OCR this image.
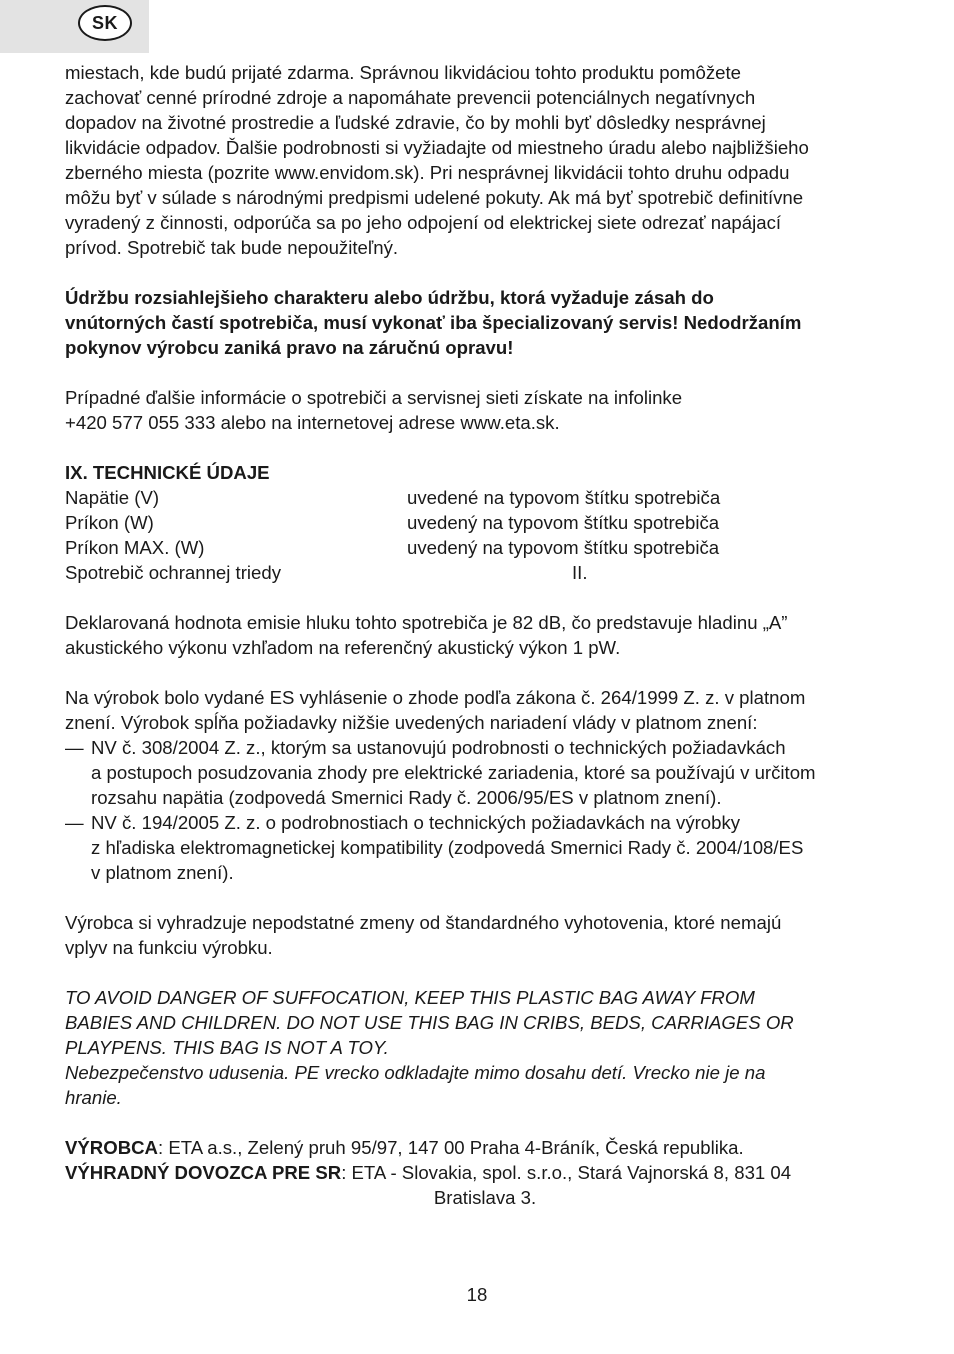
SK

miestach, kde budú prijaté zdarma. Správnou likvidáciou tohto produktu pomôžete

zachovať cenné prírodné zdroje a napomáhate prevencii potenciálnych negatívnych

dopadov na životné prostredie a ľudské zdravie, čo by mohli byť dôsledky nesprávnej

likvidácie odpadov. Ďalšie podrobnosti si vyžiadajte od miestneho úradu alebo najbližšieho

zberného miesta (pozrite www.envidom.sk). Pri nesprávnej likvidácii tohto druhu odpadu

môžu byť v súlade s národnými predpismi udelené pokuty. Ak má byť spotrebič definitívne

vyradený z činnosti, odporúča sa po jeho odpojení od elektrickej siete odrezať napájací

prívod. Spotrebič tak bude nepoužiteľný.

Údržbu rozsiahlejšieho charakteru alebo údržbu, ktorá vyžaduje zásah do

vnútorných častí spotrebiča, musí vykonať iba špecializovaný servis! Nedodržaním

pokynov výrobcu zaniká pravo na záručnú opravu!

Prípadné ďalšie informácie o spotrebiči a servisnej sieti získate na infolinke

+420 577 055 333 alebo na internetovej adrese www.eta.sk.

IX. TECHNICKÉ ÚDAJE

Napätie (V)	uvedené na typovom štítku spotrebiča
Príkon (W)	uvedený na typovom štítku spotrebiča
Príkon MAX. (W)	uvedený na typovom štítku spotrebiča
Spotrebič ochrannej triedy	II.

Deklarovaná hodnota emisie hluku tohto spotrebiča je 82 dB, čo predstavuje hladinu „A”

akustického výkonu vzhľadom na referenčný akustický výkon 1 pW.

Na výrobok bolo vydané ES vyhlásenie o zhode podľa zákona č. 264/1999 Z. z. v platnom

znení. Výrobok spĺňa požiadavky nižšie uvedených nariadení vlády v platnom znení:

— NV č. 308/2004 Z. z., ktorým sa ustanovujú podrobnosti o technických požiadavkách

a postupoch posudzovania zhody pre elektrické zariadenia, ktoré sa používajú v určitom

rozsahu napätia (zodpovedá Smernici Rady č. 2006/95/ES v platnom znení).

— NV č. 194/2005 Z. z. o podrobnostiach o technických požiadavkách na výrobky

z hľadiska elektromagnetickej kompatibility (zodpovedá Smernici Rady č. 2004/108/ES

v platnom znení).

Výrobca si vyhradzuje nepodstatné zmeny od štandardného vyhotovenia, ktoré nemajú

vplyv na funkciu výrobku.

TO AVOID DANGER OF SUFFOCATION, KEEP THIS PLASTIC BAG AWAY FROM

BABIES AND CHILDREN. DO NOT USE THIS BAG IN CRIBS, BEDS, CARRIAGES OR

PLAYPENS. THIS BAG IS NOT A TOY.

Nebezpečenstvo udusenia. PE vrecko odkladajte mimo dosahu detí. Vrecko nie je na

hranie.

VÝROBCA: ETA a.s., Zelený pruh 95/97, 147 00 Praha 4-Bráník, Česká republika.

VÝHRADNÝ DOVOZCA PRE SR: ETA - Slovakia, spol. s.r.o., Stará Vajnorská 8, 831 04

Bratislava 3.

18
